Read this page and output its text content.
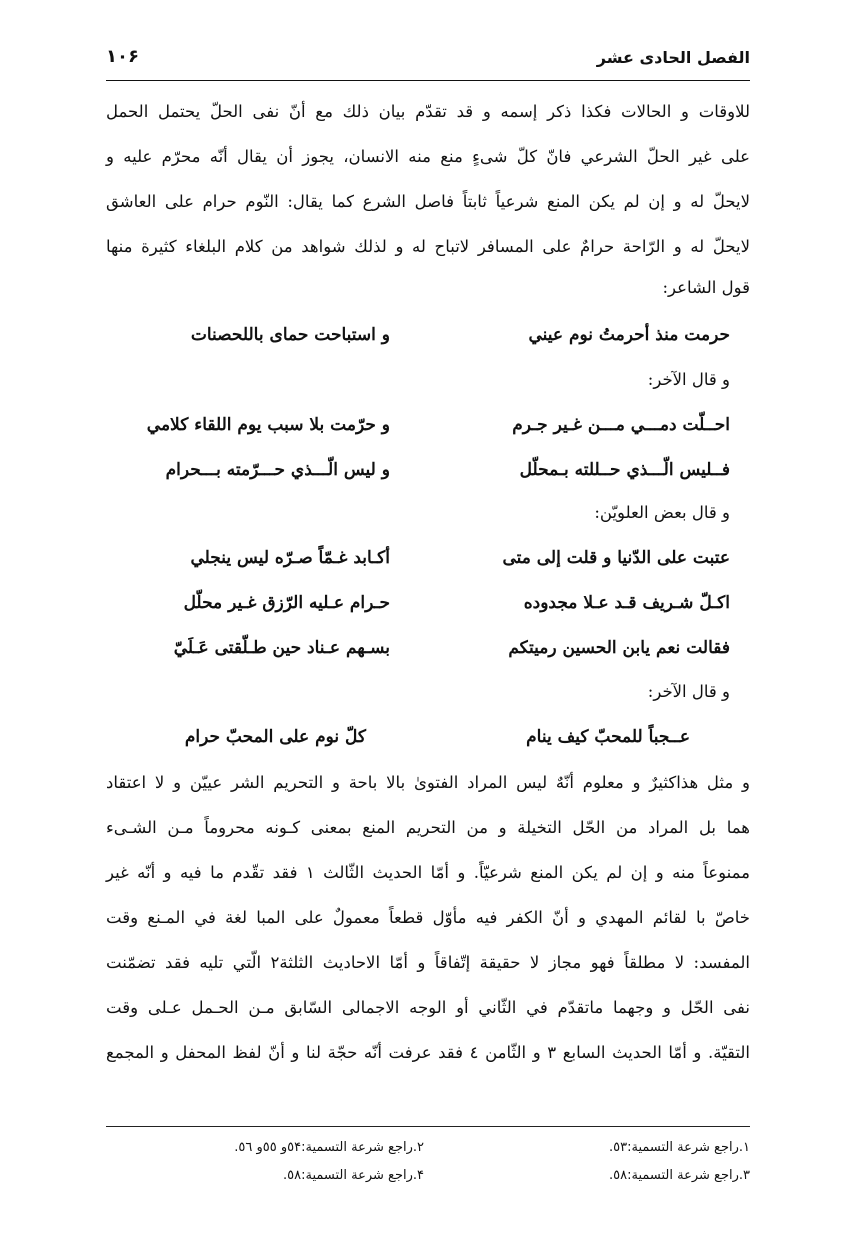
الفصل الحادى عشر
١٠۶
للاوقات و الحالات فكذا ذكر إسمه و قد تقدّم بيان ذلك مع أنّ نفى الحلّ يحتمل الحمل
على غير الحلّ الشرعي فانّ كلّ شىءٍ منع منه الانسان، يجوز أن يقال أنّه محرّم عليه و
لايحلّ له و إن لم يكن المنع شرعياً ثابتاً فاصل الشرع كما يقال: النّوم حرام على العاشق
لايحلّ له و الرّاحة حرامٌ على المسافر لاتباح له و لذلك شواهد من كلام البلغاء كثيرة منها
قول الشاعر:
حرمت منذ أحرمتُ نوم عيني
و استباحت حماى باللحصنات
و قال الآخر:
احــلّت دمـــي مـــن غـير جـرم
و حرّمت بلا سبب يوم اللقاء كلامي
فــليس الّـــذي حــللته بـمحلّل
و ليس الّـــذي حـــرّمته بـــحرام
و قال بعض العلويّن:
عتبت على الدّنيا و قلت إلى متى
أكـابد غـمّاً صـرّه ليس ينجلي
اكـلّ شـريف قـد عـلا مجدوده
حـرام عـليه الرّزق غـير محلّل
فقالت نعم يابن الحسين رميتكم
بسـهم عـناد حين طـلّقتى عَـلَيّ
و قال الآخر:
عــجباً للمحبّ كيف ينام
كلّ نوم على المحبّ حرام
و مثل هذاكثيرٌ و معلوم أنّهٌ ليس المراد الفتوىٰ بالا باحة و التحريم الشر عييّن و لا اعتقاد
هما بل المراد من الحّل التخيلة و من التحريم المنع بمعنى كـونه محروماً مـن الشـىء
ممنوعاً منه و إن لم يكن المنع شرعيّاً. و أمّا الحديث الثّالث ١ فقد تقّدم ما فيه و أنّه غير
خاصّ با لقائم المهدي و أنّ الكفر فيه مأوّل قطعاً معمولٌ على المبا لغة في المـنع وقت
المفسد: لا مطلقاً فهو مجاز لا حقيقة إتّفاقاً و أمّا الاحاديث الثلثة٢ الّتي تليه فقد تضمّنت
نفى الحّل و وجهما ماتقدّم في الثّاني أو الوجه الاجمالى السّابق مـن الحـمل عـلى وقت
التقيّة. و أمّا الحديث السابع ٣ و الثّامن ٤ فقد عرفت أنّه حجّة لنا و أنّ لفظ المحفل و المجمع
١.راجع شرعة التسمية:٥٣.
٢.راجع شرعة التسمية:٥۴و ٥٥و ٥٦.
٣.راجع شرعة التسمية:٥٨.
۴.راجع شرعة التسمية:٥٨.
